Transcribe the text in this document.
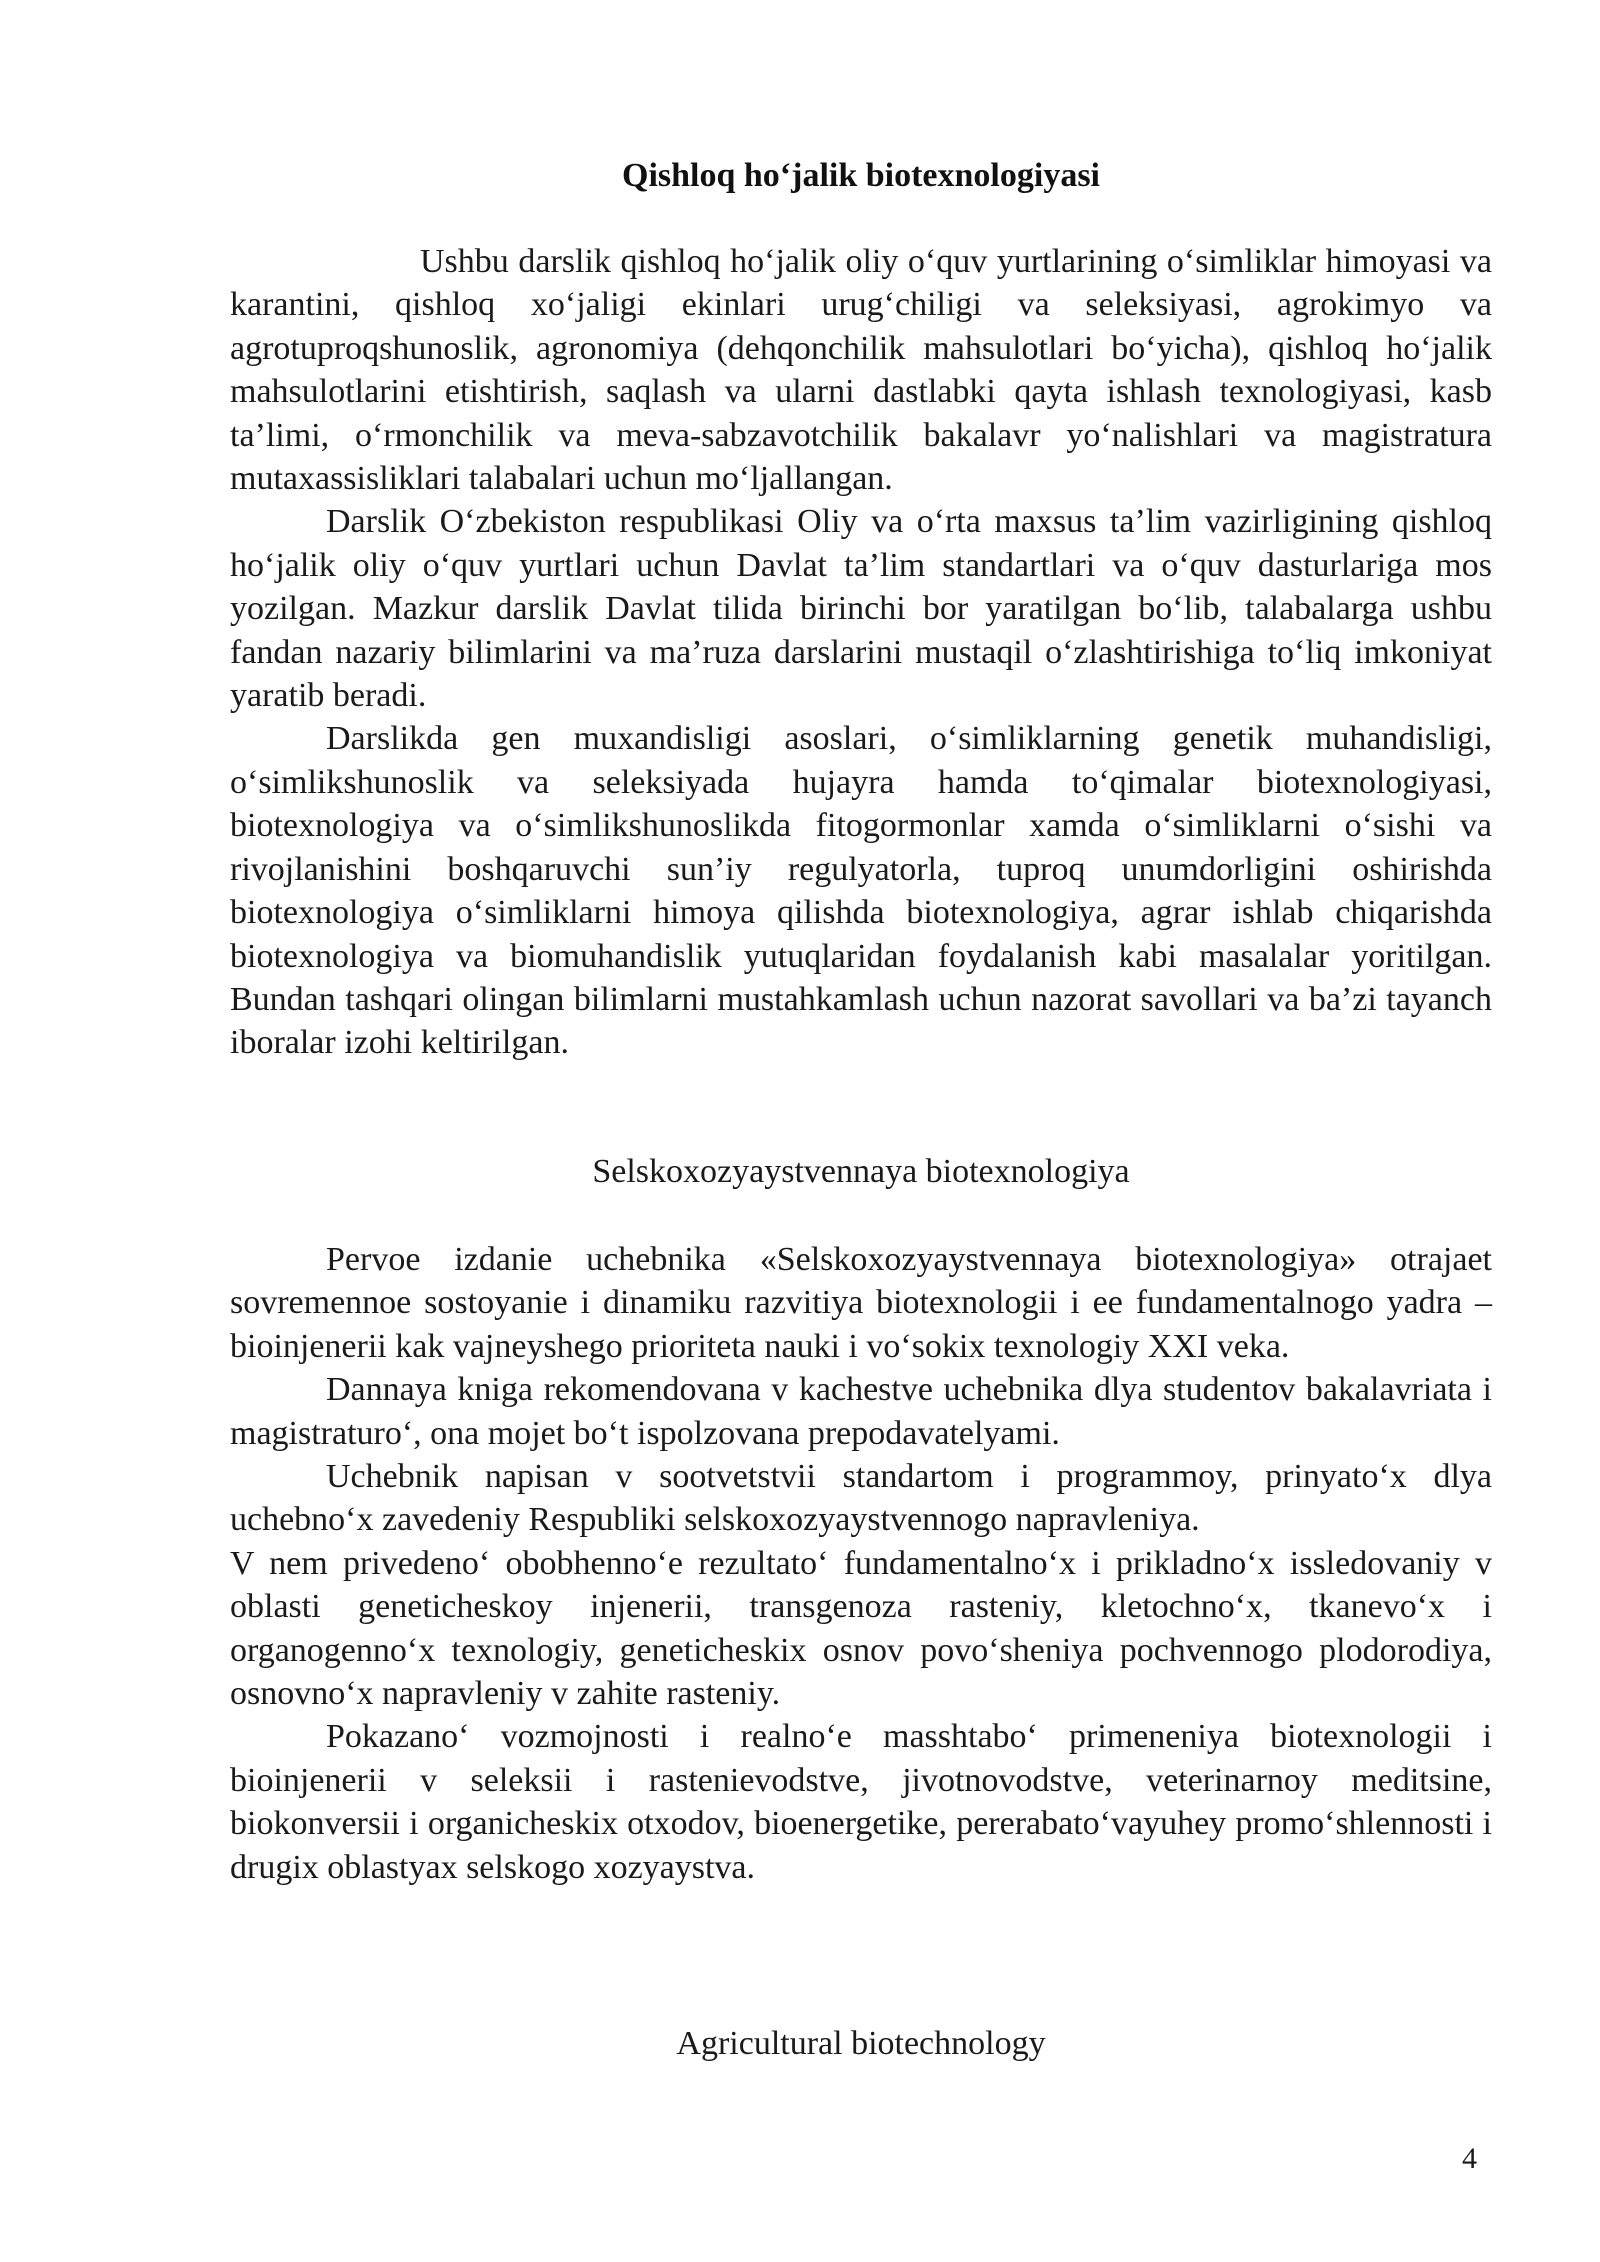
Qishloq ho‘jalik biotexnologiyasi

Ushbu darslik qishloq ho‘jalik oliy o‘quv yurtlarining o‘simliklar himoyasi va karantini, qishloq xo‘jaligi ekinlari urug‘chiligi va seleksiyasi, agrokimyo va agrotuproqshunoslik, agronomiya (dehqonchilik mahsulotlari bo‘yicha), qishloq ho‘jalik mahsulotlarini etishtirish, saqlash va ularni dastlabki qayta ishlash texnologiyasi, kasb ta’limi, o‘rmonchilik va meva-sabzavotchilik bakalavr yo‘nalishlari va magistratura mutaxassisliklari talabalari uchun mo‘ljallangan.

Darslik O‘zbekiston respublikasi Oliy va o‘rta maxsus ta’lim vazirligining qishloq ho‘jalik oliy o‘quv yurtlari uchun Davlat ta’lim standartlari va o‘quv dasturlariga mos yozilgan. Mazkur darslik Davlat tilida birinchi bor yaratilgan bo‘lib, talabalarga ushbu fandan nazariy bilimlarini va ma’ruza darslarini mustaqil o‘zlashtirishiga to‘liq imkoniyat yaratib beradi.

Darslikda gen muxandisligi asoslari, o‘simliklarning genetik muhandisligi, o‘simlikshunoslik va seleksiyada hujayra hamda to‘qimalar biotexnologiyasi, biotexnologiya va o‘simlikshunoslikda fitogormonlar xamda o‘simliklarni o‘sishi va rivojlanishini boshqaruvchi sun’iy regulyatorla, tuproq unumdorligini oshirishda biotexnologiya o‘simliklarni himoya qilishda biotexnologiya, agrar ishlab chiqarishda biotexnologiya va biomuhandislik yutuqlaridan foydalanish kabi masalalar yoritilgan. Bundan tashqari olingan bilimlarni mustahkamlash uchun nazorat savollari va ba’zi tayanch iboralar izohi keltirilgan.

Selskoxozyaystvennaya biotexnologiya

Pervoe izdanie uchebnika «Selskoxozyaystvennaya biotexnologiya» otrajaet sovremennoe sostoyanie i dinamiku razvitiya biotexnologii i ee fundamentalnogo yadra – bioinjenerii kak vajneyshego prioriteta nauki i vo‘sokix texnologiy XXI veka.

Dannaya kniga rekomendovana v kachestve uchebnika dlya studentov bakalavriata i magistraturo‘, ona mojet bo‘t ispolzovana prepodavatelyami.

Uchebnik napisan v sootvetstvii standartom i programmoy, prinyato‘x dlya uchebno‘x zavedeniy Respubliki selskoxozyaystvennogo napravleniya.

V nem privedeno‘ obobhenno‘e rezultato‘ fundamentalno‘x i prikladno‘x issledovaniy v oblasti geneticheskoy injenerii, transgenoza rasteniy, kletochno‘x, tkanevo‘x i organogenno‘x texnologiy, geneticheskix osnov povo‘sheniya pochvennogo plodorodiya, osnovno‘x napravleniy v zahite rasteniy.

Pokazano‘ vozmojnosti i realno‘e masshtabo‘ primeneniya biotexnologii i bioinjenerii v seleksii i rastenievodstve, jivotnovodstve, veterinarnoy meditsine, biokonversii i organicheskix otxodov, bioenergetike, pererabato‘vayuhey promo‘shlennosti i drugix oblastyax selskogo xozyaystva.

Agricultural biotechnology
4
